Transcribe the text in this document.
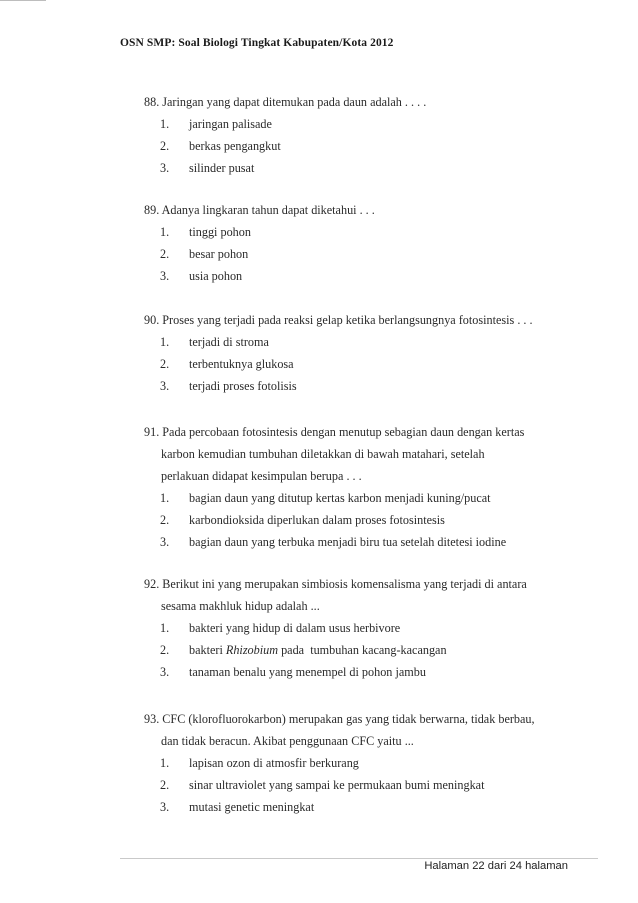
OSN SMP: Soal Biologi Tingkat Kabupaten/Kota 2012
88. Jaringan yang dapat ditemukan pada daun adalah . . . .
1.	jaringan palisade
2.	berkas pengangkut
3.	silinder pusat
89. Adanya lingkaran tahun dapat diketahui . . .
1.	tinggi pohon
2.	besar pohon
3.	usia pohon
90. Proses yang terjadi pada reaksi gelap ketika berlangsungnya fotosintesis . . .
1.	terjadi di stroma
2.	terbentuknya glukosa
3.	terjadi proses fotolisis
91. Pada percobaan fotosintesis dengan menutup sebagian daun dengan kertas
karbon kemudian tumbuhan diletakkan di bawah matahari, setelah
perlakuan didapat kesimpulan berupa . . .
1.	bagian daun yang ditutup kertas karbon menjadi kuning/pucat
2.	karbondioksida diperlukan dalam proses fotosintesis
3.	bagian daun yang terbuka menjadi biru tua setelah ditetesi iodine
92. Berikut ini yang merupakan simbiosis komensalisma yang terjadi di antara
sesama makhluk hidup adalah ...
1.	bakteri yang hidup di dalam usus herbivore
2.	bakteri Rhizobium pada tumbuhan kacang-kacangan
3.	tanaman benalu yang menempel di pohon jambu
93. CFC (klorofluorokarbon) merupakan gas yang tidak berwarna, tidak berbau,
dan tidak beracun. Akibat penggunaan CFC yaitu ...
1.	lapisan ozon di atmosfir berkurang
2.	sinar ultraviolet yang sampai ke permukaan bumi meningkat
3.	mutasi genetic meningkat
Halaman 22 dari 24 halaman
